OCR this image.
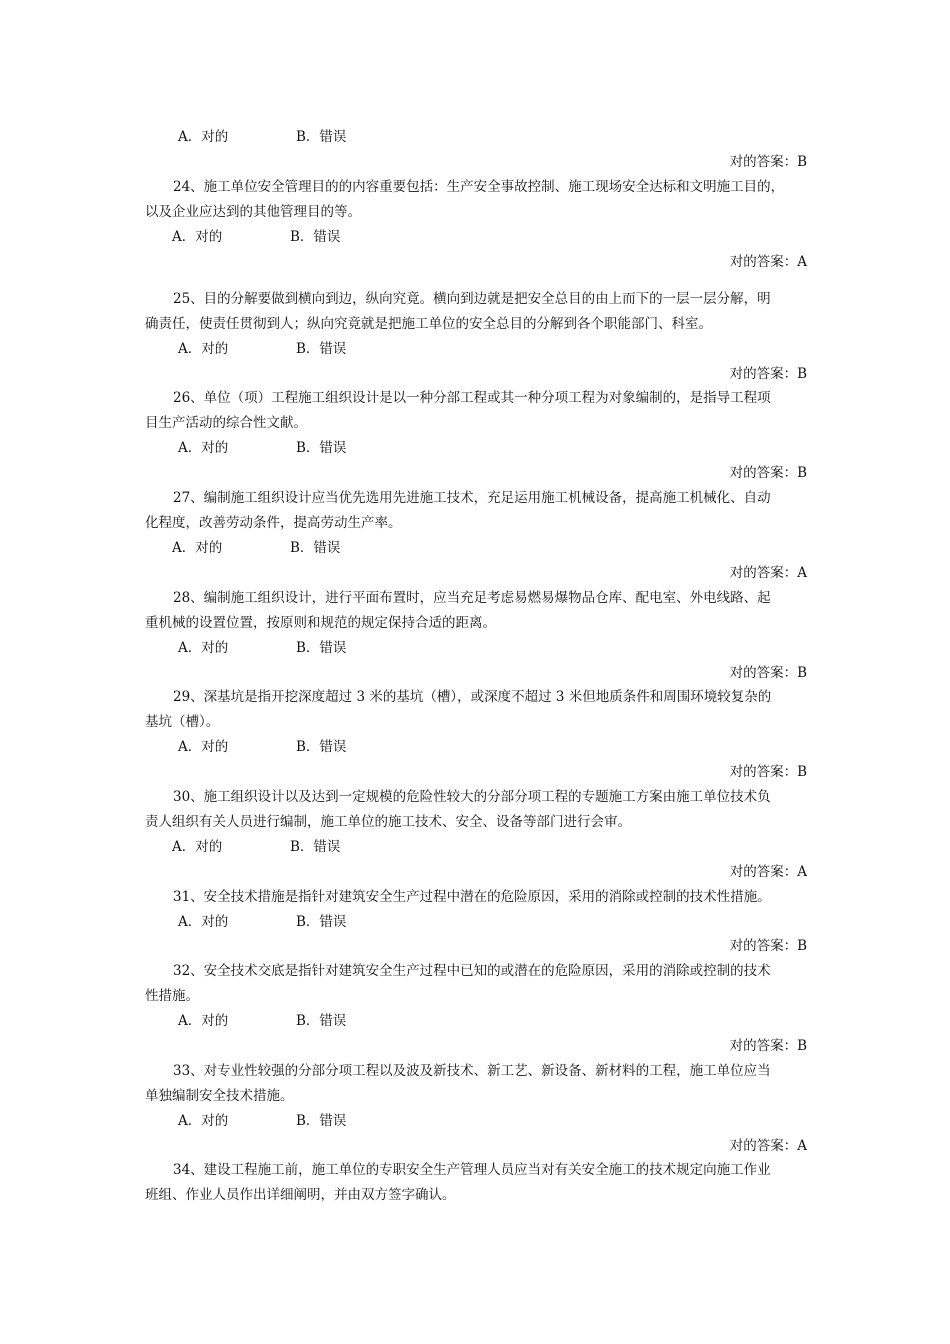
A．对的	B．错误
对的答案：B
24、施工单位安全管理目的的内容重要包括：生产安全事故控制、施工现场安全达标和文明施工目的，
以及企业应达到的其他管理目的等。
A．对的	B．错误
对的答案：A
25、目的分解要做到横向到边，纵向究竟。横向到边就是把安全总目的由上而下的一层一层分解，明
确责任，使责任贯彻到人；纵向究竟就是把施工单位的安全总目的分解到各个职能部门、科室。
A．对的	B．错误
对的答案：B
26、单位（项）工程施工组织设计是以一种分部工程或其一种分项工程为对象编制的，是指导工程项
目生产活动的综合性文献。
A．对的	B．错误
对的答案：B
27、编制施工组织设计应当优先选用先进施工技术，充足运用施工机械设备，提高施工机械化、自动
化程度，改善劳动条件，提高劳动生产率。
A．对的	B．错误
对的答案：A
28、编制施工组织设计，进行平面布置时，应当充足考虑易燃易爆物品仓库、配电室、外电线路、起
重机械的设置位置，按原则和规范的规定保持合适的距离。
A．对的	B．错误
对的答案：B
29、深基坑是指开挖深度超过 3 米的基坑（槽），或深度不超过 3 米但地质条件和周围环境较复杂的
基坑（槽）。
A．对的	B．错误
对的答案：B
30、施工组织设计以及达到一定规模的危险性较大的分部分项工程的专题施工方案由施工单位技术负
责人组织有关人员进行编制，施工单位的施工技术、安全、设备等部门进行会审。
A．对的	B．错误
对的答案：A
31、安全技术措施是指针对建筑安全生产过程中潜在的危险原因，采用的消除或控制的技术性措施。
A．对的	B．错误
对的答案：B
32、安全技术交底是指针对建筑安全生产过程中已知的或潜在的危险原因，采用的消除或控制的技术
性措施。
A．对的	B．错误
对的答案：B
33、对专业性较强的分部分项工程以及波及新技术、新工艺、新设备、新材料的工程，施工单位应当
单独编制安全技术措施。
A．对的	B．错误
对的答案：A
34、建设工程施工前，施工单位的专职安全生产管理人员应当对有关安全施工的技术规定向施工作业
班组、作业人员作出详细阐明，并由双方签字确认。
